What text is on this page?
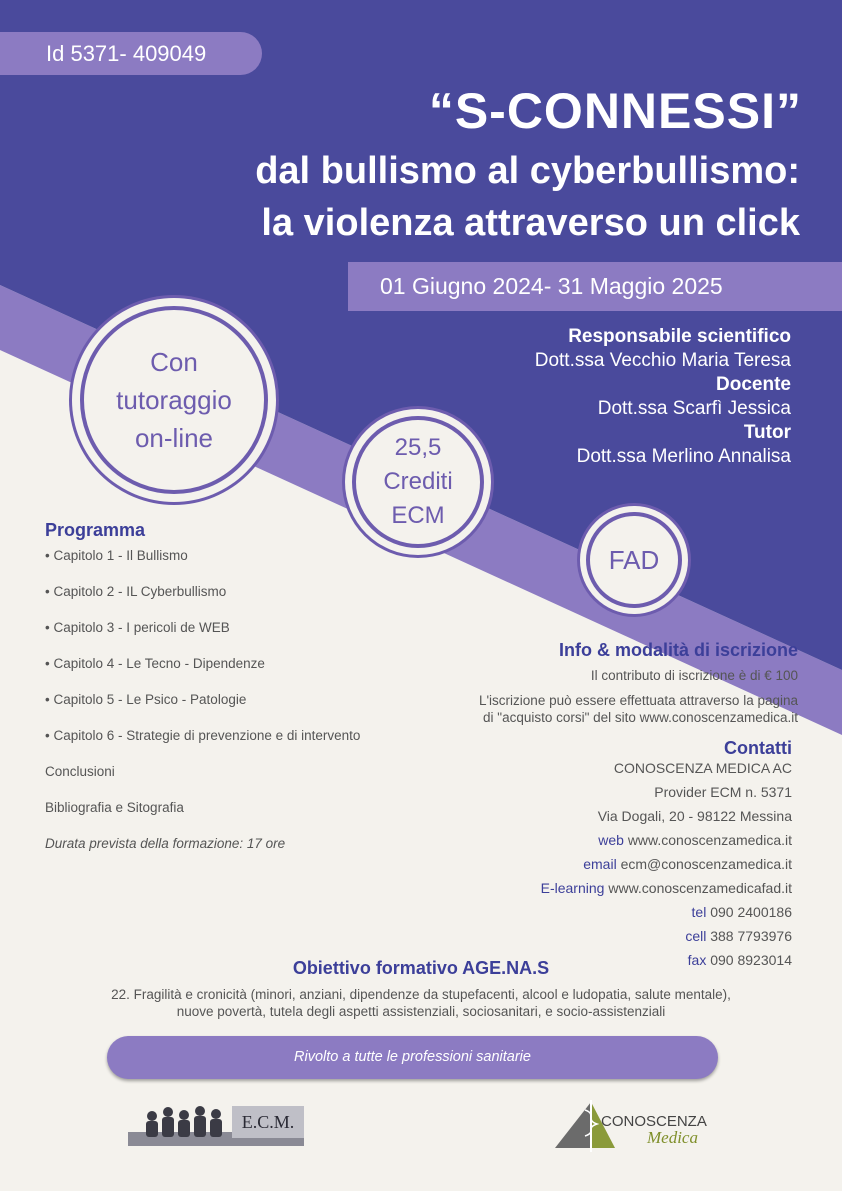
Id 5371- 409049
“S-CONNESSI”
dal bullismo al cyberbullismo:
la violenza attraverso un click
01 Giugno 2024- 31 Maggio 2025
Responsabile scientifico
Dott.ssa Vecchio Maria Teresa
Docente
Dott.ssa Scarfì Jessica
Tutor
Dott.ssa Merlino Annalisa
Con
tutoraggio
on-line	25,5
Crediti
ECM
FAD
Programma
• Capitolo 1 - Il Bullismo
• Capitolo 2 - IL Cyberbullismo
• Capitolo 3 - I pericoli de WEB
• Capitolo 4 - Le Tecno - Dipendenze
• Capitolo 5 - Le Psico - Patologie
• Capitolo 6 - Strategie di prevenzione e di intervento
Conclusioni
Bibliografia e Sitografia
Durata prevista della formazione: 17 ore
Info & modalità di iscrizione
Il contributo di iscrizione è di € 100
L'iscrizione può essere effettuata attraverso la pagina
di "acquisto corsi" del sito www.conoscenzamedica.it
Contatti
CONOSCENZA MEDICA AC
Provider ECM n. 5371
Via Dogali, 20 - 98122 Messina
web www.conoscenzamedica.it
email ecm@conoscenzamedica.it
E-learning www.conoscenzamedicafad.it
tel 090 2400186
cell 388 7793976
fax 090 8923014
Obiettivo formativo AGE.NA.S
22. Fragilità e cronicità (minori, anziani, dipendenze da stupefacenti, alcool e ludopatia, salute mentale),
nuove povertà, tutela degli aspetti assistenziali, sociosanitari, e socio-assistenziali
Rivolto a tutte le professioni sanitarie
E.C.M.	CONOSCENZA
Medica
